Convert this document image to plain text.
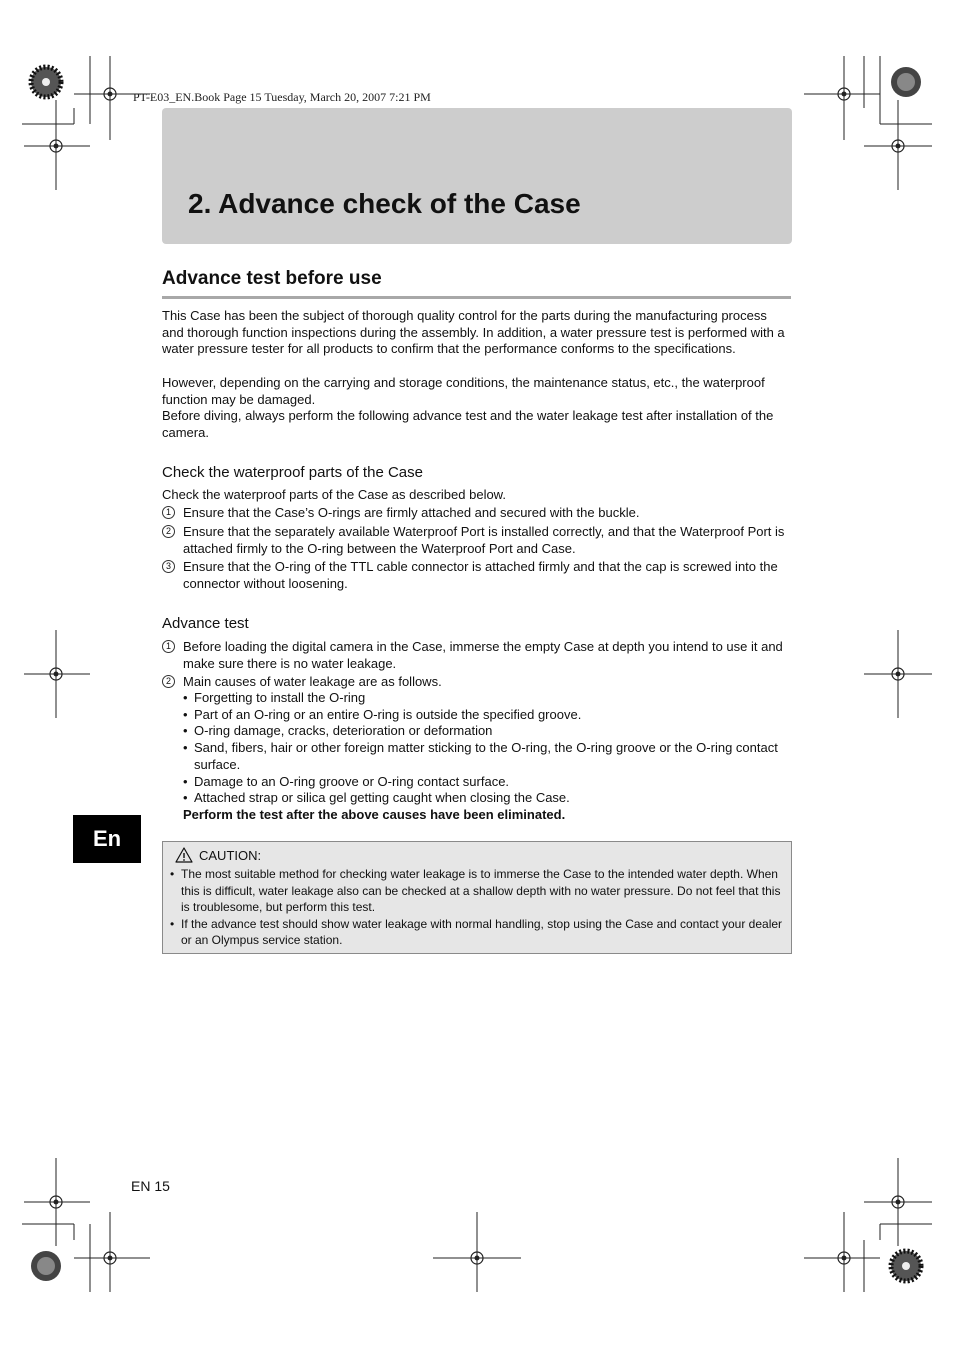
PT-E03_EN.Book Page 15 Tuesday, March 20, 2007 7:21 PM
2. Advance check of the Case
Advance test before use

This Case has been the subject of thorough quality control for the parts during the manufacturing process and thorough function inspections during the assembly. In addition, a water pressure test is performed with a water pressure tester for all products to confirm that the performance conforms to the specifications.

However, depending on the carrying and storage conditions, the maintenance status, etc., the waterproof function may be damaged.

Before diving, always perform the following advance test and the water leakage test after installation of the camera.

Check the waterproof parts of the Case

Check the waterproof parts of the Case as described below.

1 Ensure that the Case’s O-rings are firmly attached and secured with the buckle.
2 Ensure that the separately available Waterproof Port is installed correctly, and that the Waterproof Port is attached firmly to the O-ring between the Waterproof Port and Case.
3 Ensure that the O-ring of the TTL cable connector is attached firmly and that the cap is screwed into the connector without loosening.
Advance test
1 Before loading the digital camera in the Case, immerse the empty Case at depth you intend to use it and make sure there is no water leakage.
2 Main causes of water leakage are as follows.
• Forgetting to install the O-ring
• Part of an O-ring or an entire O-ring is outside the specified groove.
• O-ring damage, cracks, deterioration or deformation
• Sand, fibers, hair or other foreign matter sticking to the O-ring, the O-ring groove or the O-ring contact surface.
• Damage to an O-ring groove or O-ring contact surface.
• Attached strap or silica gel getting caught when closing the Case.
Perform the test after the above causes have been eliminated.
En
CAUTION:
• The most suitable method for checking water leakage is to immerse the Case to the intended water depth. When this is difficult, water leakage also can be checked at a shallow depth with no water pressure. Do not feel that this is troublesome, but perform this test.
• If the advance test should show water leakage with normal handling, stop using the Case and contact your dealer or an Olympus service station.
EN 15
